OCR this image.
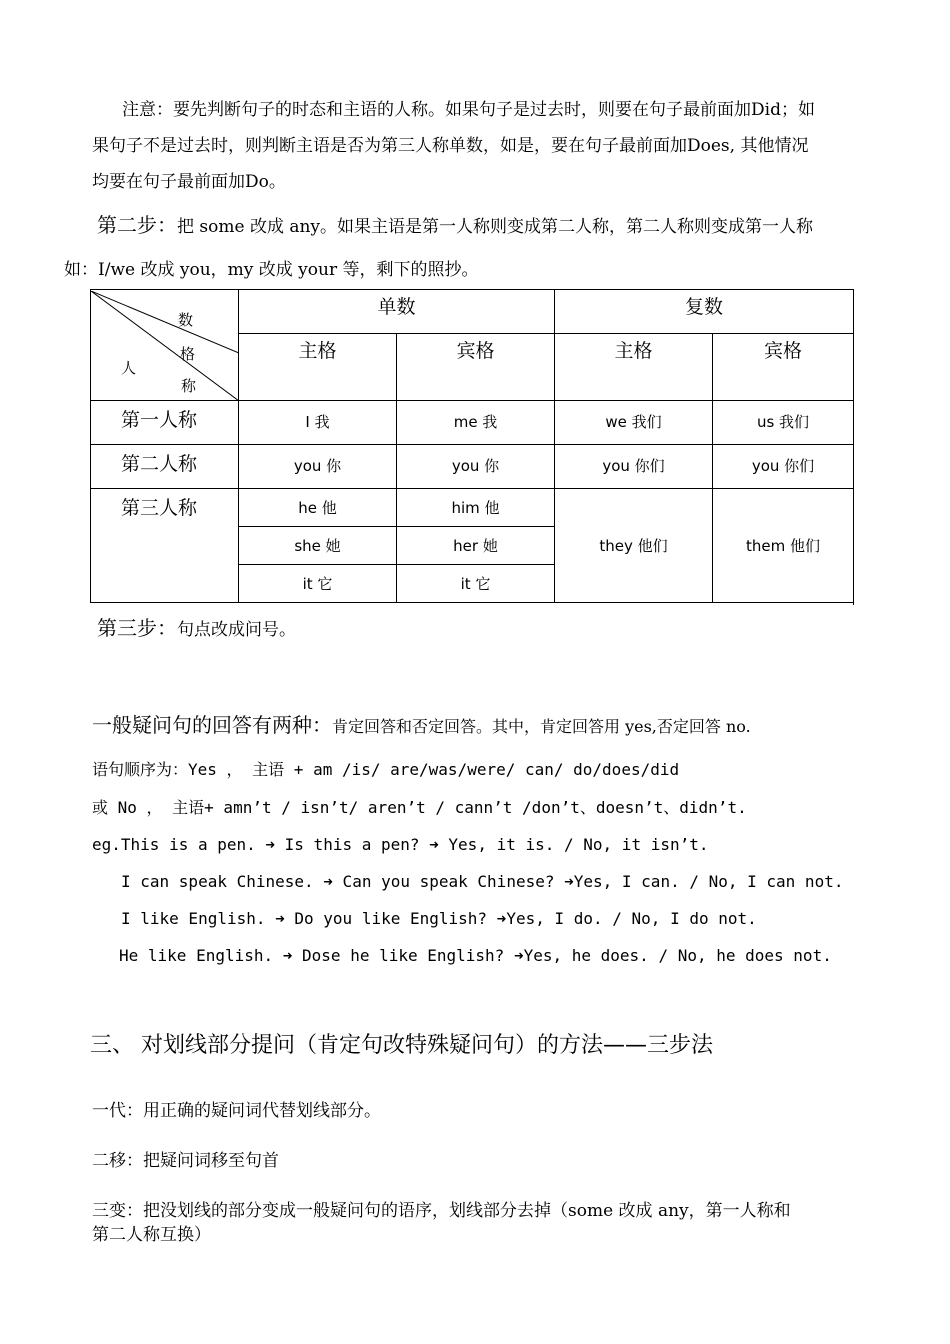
注意：要先判断句子的时态和主语的人称。如果句子是过去时，则要在句子最前面加Did；如

果句子不是过去时，则判断主语是否为第三人称单数，如是，要在句子最前面加Does, 其他情况

均要在句子最前面加Do。

第二步：把 some 改成 any。如果主语是第一人称则变成第二人称，第二人称则变成第一人称
如：I/we 改成 you，my 改成 your 等，剩下的照抄。
数
格
人
称	单数		复数	
	主格	宾格	主格	宾格
第一人称	I 我	me 我	we 我们	us 我们
第二人称	you 你	you 你	you 你们	you 你们
第三人称	he 他	him 他	they 他们	them 他们
	she 她	her 她		
	it 它	it 它		
第三步：句点改成问号。
一般疑问句的回答有两种：肯定回答和否定回答。其中，肯定回答用 yes,否定回答 no.
语句顺序为：Yes ， 主语 + am /is/ are/was/were/ can/ do/does/did
或 No ， 主语+ amn’t / isn’t/ aren’t / cann’t /don’t、doesn’t、didn’t.
eg.This is a pen. ➜ Is this a pen? ➜ Yes, it is. / No, it isn’t.
I can speak Chinese. ➜ Can you speak Chinese? ➜Yes, I can. / No, I can not.
I like English. ➜ Do you like English? ➜Yes, I do. / No, I do not.
He like English. ➜ Dose he like English? ➜Yes, he does. / No, he does not.
三、 对划线部分提问（肯定句改特殊疑问句）的方法——三步法
一代：用正确的疑问词代替划线部分。
二移：把疑问词移至句首
三变：把没划线的部分变成一般疑问句的语序，划线部分去掉（some 改成 any，第一人称和
第二人称互换）
